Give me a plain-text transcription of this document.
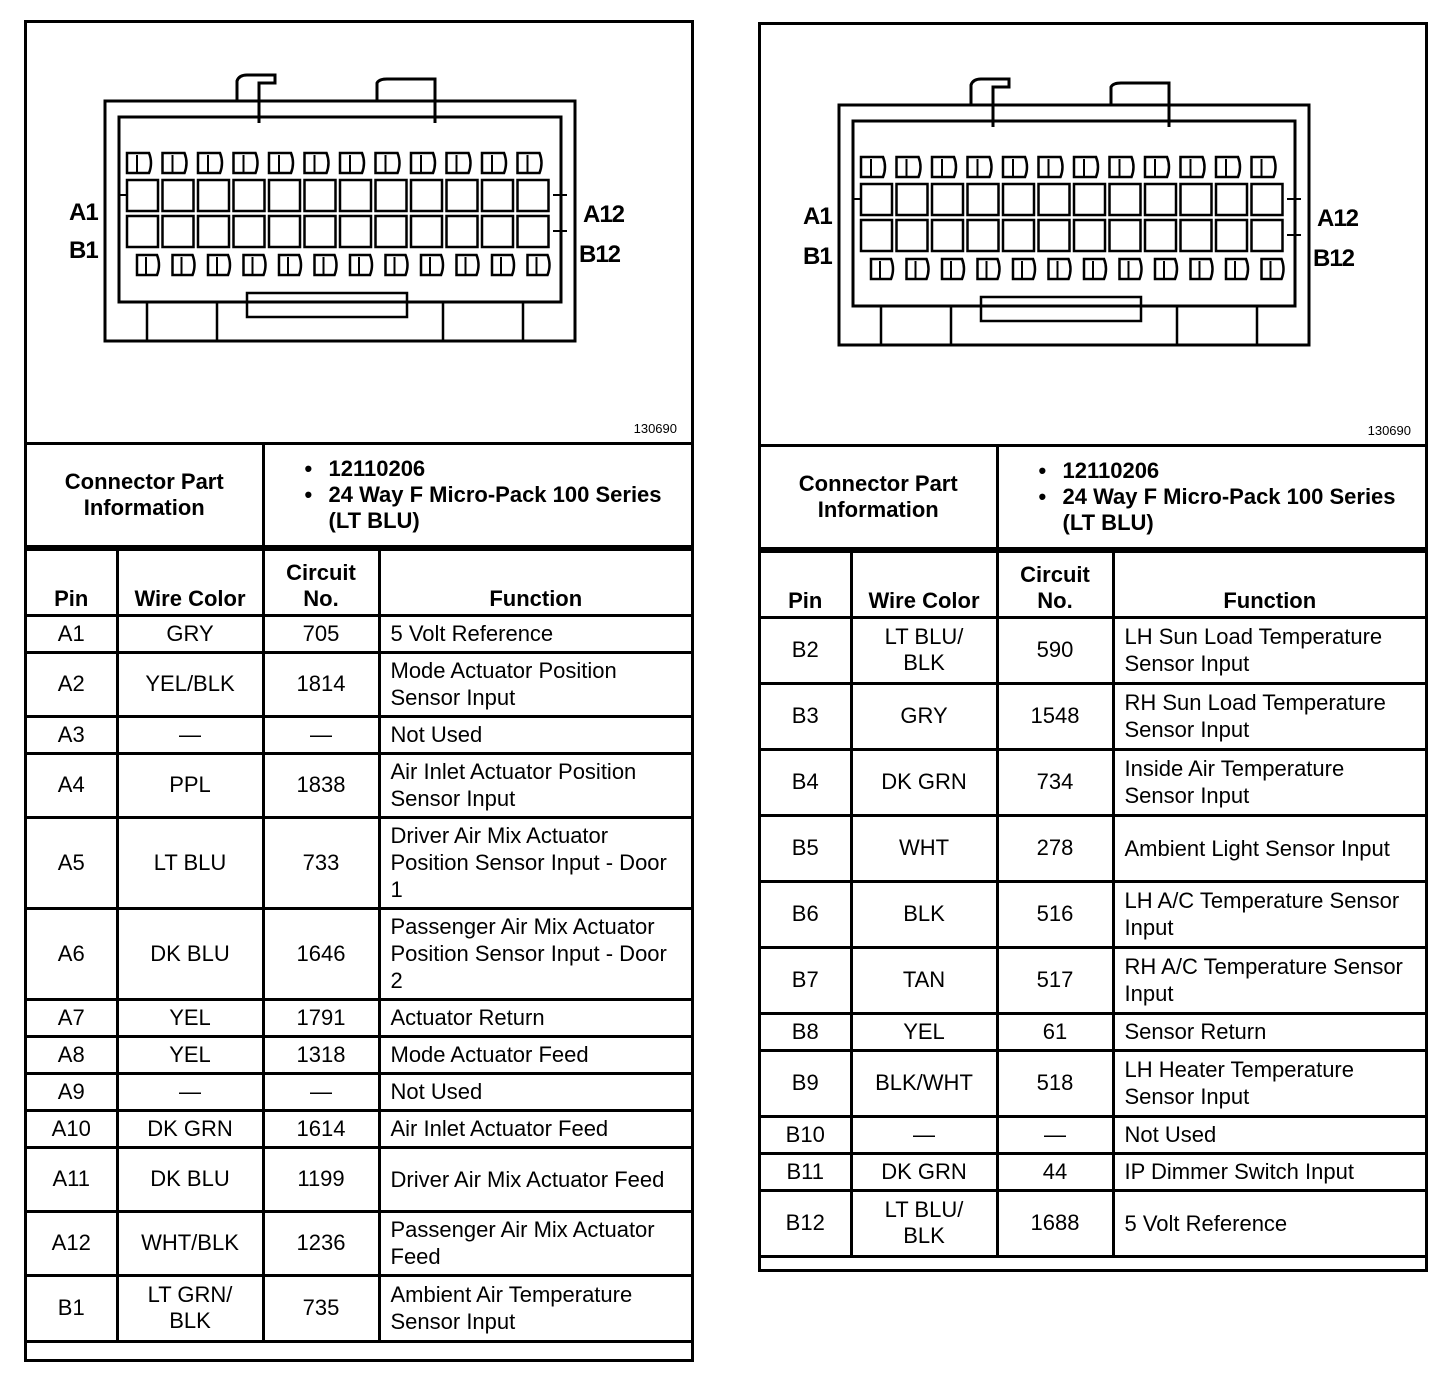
A1
B1
A12
B12
130690
Connector Part Information	
• 12110206
• 24 Way F Micro-Pack 100 Series (LT BLU)
Pin	Wire Color	Circuit No.	Function
A1	GRY	705	5 Volt Reference
A2	YEL/BLK	1814	Mode Actuator Position Sensor Input
A3	—	—	Not Used
A4	PPL	1838	Air Inlet Actuator Position Sensor Input
A5	LT BLU	733	Driver Air Mix Actuator Position Sensor Input - Door 1
A6	DK BLU	1646	Passenger Air Mix Actuator Position Sensor Input - Door 2
A7	YEL	1791	Actuator Return
A8	YEL	1318	Mode Actuator Feed
A9	—	—	Not Used
A10	DK GRN	1614	Air Inlet Actuator Feed
A11	DK BLU	1199	Driver Air Mix Actuator Feed
A12	WHT/BLK	1236	Passenger Air Mix Actuator Feed
B1	LT GRN/ BLK	735	Ambient Air Temperature Sensor Input
A1
B1
A12
B12
130690
Connector Part Information	
• 12110206
• 24 Way F Micro-Pack 100 Series (LT BLU)
Pin	Wire Color	Circuit No.	Function
B2	LT BLU/ BLK	590	LH Sun Load Temperature Sensor Input
B3	GRY	1548	RH Sun Load Temperature Sensor Input
B4	DK GRN	734	Inside Air Temperature Sensor Input
B5	WHT	278	Ambient Light Sensor Input
B6	BLK	516	LH A/C Temperature Sensor Input
B7	TAN	517	RH A/C Temperature Sensor Input
B8	YEL	61	Sensor Return
B9	BLK/WHT	518	LH Heater Temperature Sensor Input
B10	—	—	Not Used
B11	DK GRN	44	IP Dimmer Switch Input
B12	LT BLU/ BLK	1688	5 Volt Reference
